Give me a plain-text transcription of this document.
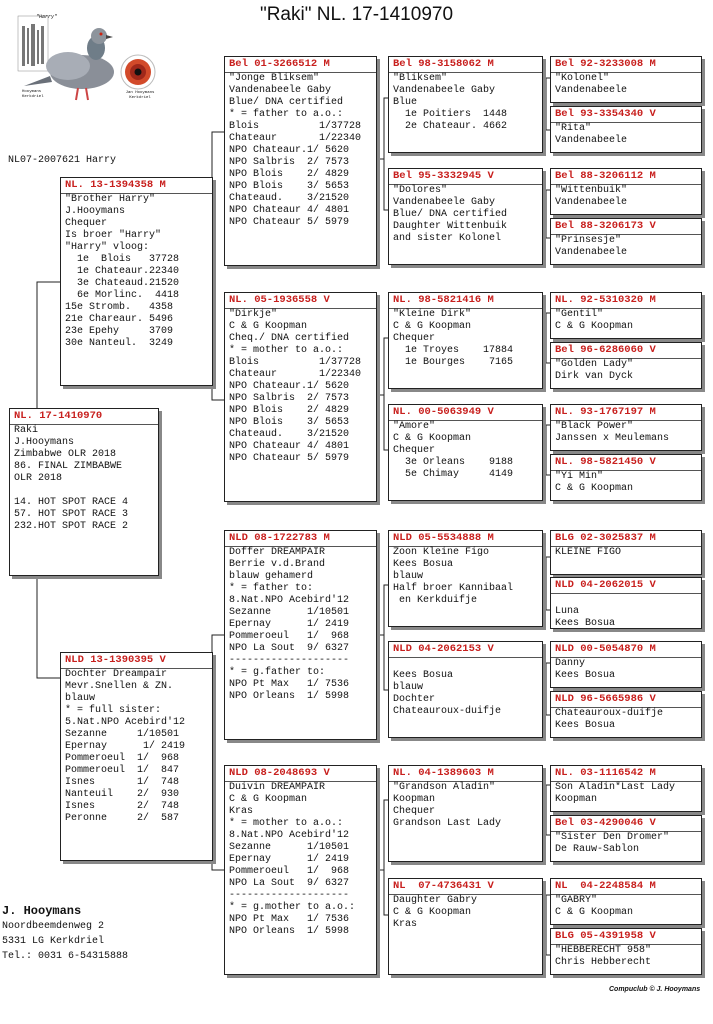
"Raki" NL. 17-1410970
"Harry"
Hooymans Kerkdriel
Jan Hooymans Kerkdriel
NL07-2007621 Harry
NL. 17-1410970
Raki
J.Hooymans
Zimbabwe OLR 2018
86. FINAL ZIMBABWE
OLR 2018
14. HOT SPOT RACE 4
57. HOT SPOT RACE 3
232.HOT SPOT RACE 2
NL. 13-1394358 M
"Brother Harry"
J.Hooymans
Chequer
Is broer "Harry"
"Harry" vloog:
1e  Blois   37728
1e Chateaur.22340
3e Chateaud.21520
6e Morlinc.  4418
15e Stromb.   4358
21e Chareaur. 5496
23e Epehy     3709
30e Nanteul.  3249
NLD 13-1390395 V
Dochter Dreampair
Mevr.Snellen & ZN.
blauw
* = full sister:
5.Nat.NPO Acebird'12
Sezanne     1/10501
Epernay      1/ 2419
Pommeroeul  1/  968
Pommeroeul  1/  847
Isnes       1/  748
Nanteuil    2/  930
Isnes       2/  748
Peronne     2/  587
Bel 01-3266512 M
"Jonge Bliksem"
Vandenabeele Gaby
Blue/ DNA certified
* = father to a.o.:
Blois          1/37728
Chateaur       1/22340
NPO Chateaur.1/ 5620
NPO Salbris  2/ 7573
NPO Blois    2/ 4829
NPO Blois    3/ 5653
Chateaud.    3/21520
NPO Chateaur 4/ 4801
NPO Chateaur 5/ 5979
NL. 05-1936558 V
"Dirkje"
C & G Koopman
Cheq./ DNA certified
* = mother to a.o.:
Blois          1/37728
Chateaur       1/22340
NPO Chateaur.1/ 5620
NPO Salbris  2/ 7573
NPO Blois    2/ 4829
NPO Blois    3/ 5653
Chateaud.    3/21520
NPO Chateaur 4/ 4801
NPO Chateaur 5/ 5979
NLD 08-1722783 M
Doffer DREAMPAIR
Berrie v.d.Brand
blauw gehamerd
* = father to:
8.Nat.NPO Acebird'12
Sezanne      1/10501
Epernay      1/ 2419
Pommeroeul   1/  968
NPO La Sout  9/ 6327
--------------------
* = g.father to:
NPO Pt Max   1/ 7536
NPO Orleans  1/ 5998
NLD 08-2048693 V
Duivin DREAMPAIR
C & G Koopman
Kras
* = mother to a.o.:
8.Nat.NPO Acebird'12
Sezanne      1/10501
Epernay      1/ 2419
Pommeroeul   1/  968
NPO La Sout  9/ 6327
--------------------
* = g.mother to a.o.:
NPO Pt Max   1/ 7536
NPO Orleans  1/ 5998
Bel 98-3158062 M
"Bliksem"
Vandenabeele Gaby
Blue
1e Poitiers  1448
2e Chateaur. 4662
Bel 95-3332945 V
"Dolores"
Vandenabeele Gaby
Blue/ DNA certified
Daughter Wittenbuik
and sister Kolonel
NL. 98-5821416 M
"Kleine Dirk"
C & G Koopman
Chequer
1e Troyes    17884
1e Bourges    7165
NL. 00-5063949 V
"Amore"
C & G Koopman
Chequer
3e Orleans    9188
5e Chimay     4149
NLD 05-5534888 M
Zoon Kleine Figo
Kees Bosua
blauw
Half broer Kannibaal
en Kerkduifje
NLD 04-2062153 V
Kees Bosua
blauw
Dochter
Chateauroux-duifje
NL. 04-1389603 M
"Grandson Aladin"
Koopman
Chequer
Grandson Last Lady
NL  07-4736431 V
Daughter Gabry
C & G Koopman
Kras
Bel 92-3233008 M
"Kolonel"
Vandenabeele
Bel 93-3354340 V
"Rita"
Vandenabeele
Bel 88-3206112 M
"Wittenbuik"
Vandenabeele
Bel 88-3206173 V
"Prinsesje"
Vandenabeele
NL. 92-5310320 M
"Gentil"
C & G Koopman
Bel 96-6286060 V
"Golden Lady"
Dirk van Dyck
NL. 93-1767197 M
"Black Power"
Janssen x Meulemans
NL. 98-5821450 V
"Yi Min"
C & G Koopman
BLG 02-3025837 M
KLEINE FIGO
NLD 04-2062015 V
Luna
Kees Bosua
NLD 00-5054870 M
Danny
Kees Bosua
NLD 96-5665986 V
Chateauroux-duifje
Kees Bosua
NL. 03-1116542 M
Son Aladin*Last Lady
Koopman
Bel 03-4290046 V
"Sister Den Dromer"
De Rauw-Sablon
NL  04-2248584 M
"GABRY"
C & G Koopman
BLG 05-4391958 V
"HEBBERECHT 958"
Chris Hebberecht
J. Hooymans
Noordbeemdenweg 2
5331 LG Kerkdriel
Tel.: 0031 6-54315888
Compuclub © J. Hooymans
